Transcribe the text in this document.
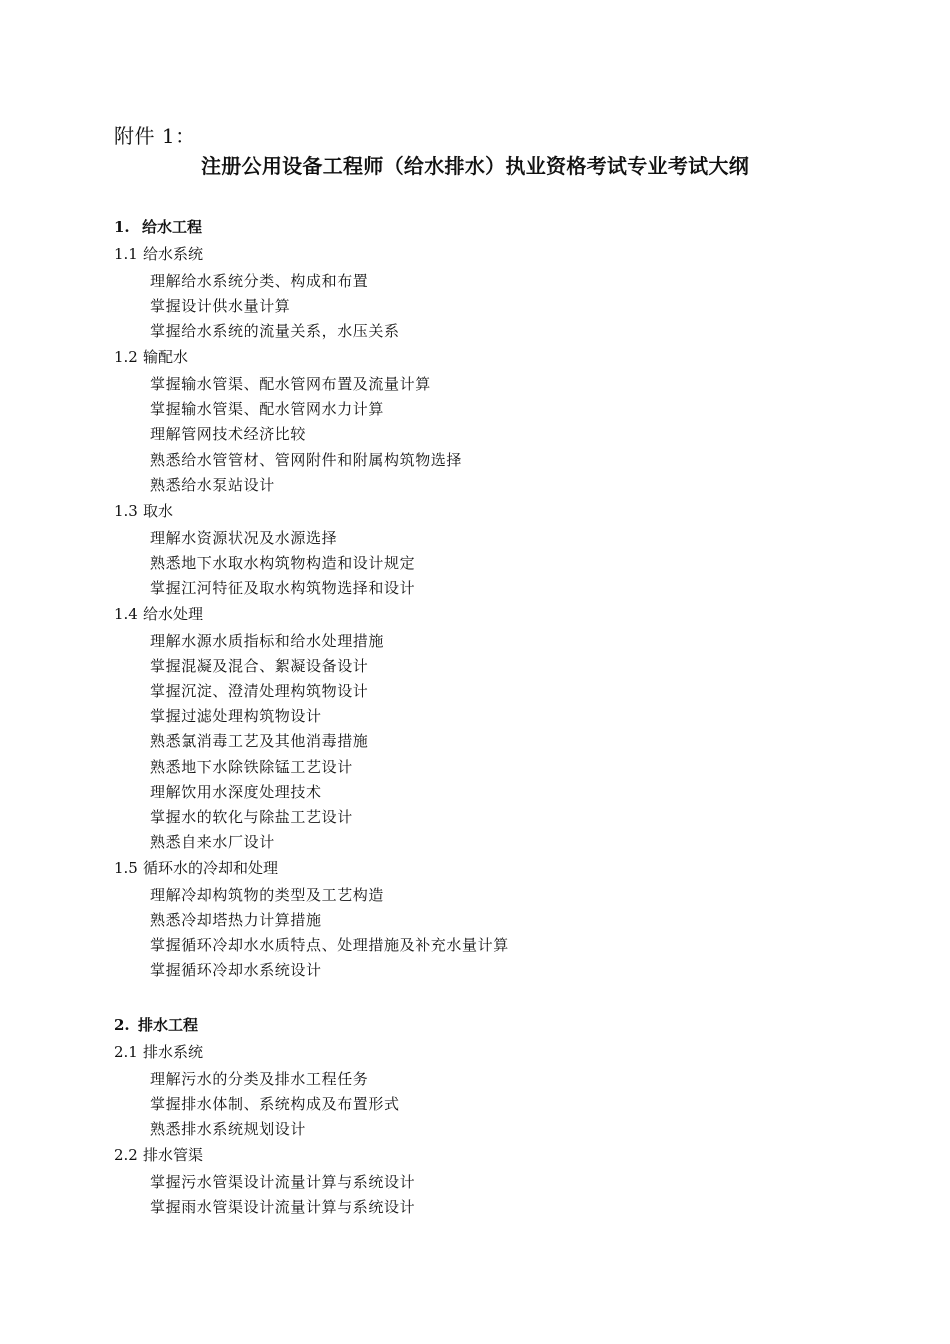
附件 1：
注册公用设备工程师（给水排水）执业资格考试专业考试大纲
1. 给水工程
1.1 给水系统
理解给水系统分类、构成和布置
掌握设计供水量计算
掌握给水系统的流量关系，水压关系
1.2 输配水
掌握输水管渠、配水管网布置及流量计算
掌握输水管渠、配水管网水力计算
理解管网技术经济比较
熟悉给水管管材、管网附件和附属构筑物选择
熟悉给水泵站设计
1.3 取水
理解水资源状况及水源选择
熟悉地下水取水构筑物构造和设计规定
掌握江河特征及取水构筑物选择和设计
1.4 给水处理
理解水源水质指标和给水处理措施
掌握混凝及混合、絮凝设备设计
掌握沉淀、澄清处理构筑物设计
掌握过滤处理构筑物设计
熟悉氯消毒工艺及其他消毒措施
熟悉地下水除铁除锰工艺设计
理解饮用水深度处理技术
掌握水的软化与除盐工艺设计
熟悉自来水厂设计
1.5 循环水的冷却和处理
理解冷却构筑物的类型及工艺构造
熟悉冷却塔热力计算措施
掌握循环冷却水水质特点、处理措施及补充水量计算
掌握循环冷却水系统设计
2. 排水工程
2.1 排水系统
理解污水的分类及排水工程任务
掌握排水体制、系统构成及布置形式
熟悉排水系统规划设计
2.2 排水管渠
掌握污水管渠设计流量计算与系统设计
掌握雨水管渠设计流量计算与系统设计
